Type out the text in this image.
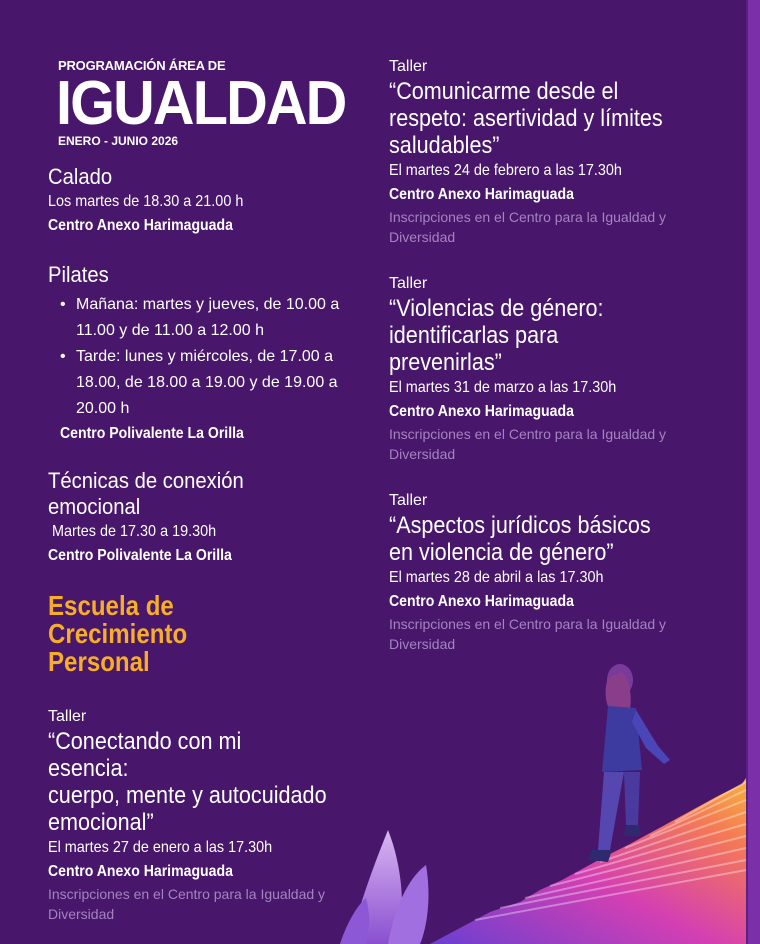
PROGRAMACIÓN ÁREA DE
IGUALDAD
ENERO - JUNIO 2026
Calado
Los martes de 18.30 a 21.00 h
Centro Anexo Harimaguada
Pilates
• Mañana: martes y jueves, de 10.00 a
11.00 y de 11.00 a 12.00 h
• Tarde: lunes y miércoles, de 17.00 a
18.00, de 18.00 a 19.00 y de 19.00 a
20.00 h
Centro Polivalente La Orilla
Técnicas de conexión
emocional
Martes de 17.30 a 19.30h
Centro Polivalente La Orilla
Escuela de Crecimiento
Personal
Taller
“Conectando con mi esencia:
cuerpo, mente y autocuidado
emocional”
El martes 27 de enero a las 17.30h
Centro Anexo Harimaguada
Inscripciones en el Centro para la Igualdad y
Diversidad
Taller
“Comunicarme desde el
respeto: asertividad y límites
saludables”
El martes 24 de febrero a las 17.30h
Centro Anexo Harimaguada
Inscripciones en el Centro para la Igualdad y
Diversidad
Taller
“Violencias de género:
identificarlas para
prevenirlas”
El martes 31 de marzo a las 17.30h
Centro Anexo Harimaguada
Inscripciones en el Centro para la Igualdad y
Diversidad
Taller
“Aspectos jurídicos básicos
en violencia de género”
El martes 28 de abril a las 17.30h
Centro Anexo Harimaguada
Inscripciones en el Centro para la Igualdad y
Diversidad
